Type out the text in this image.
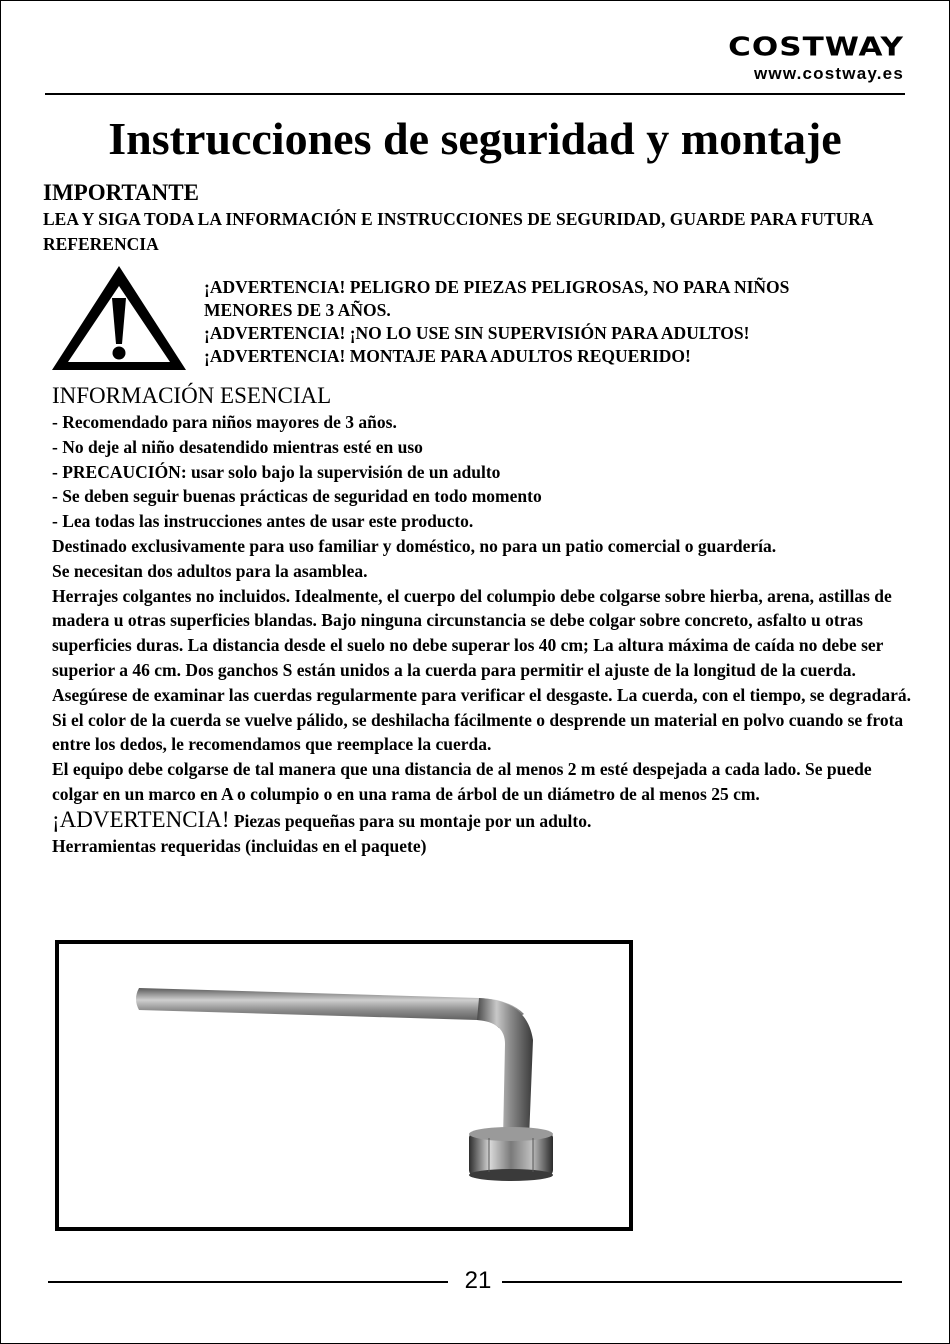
COSTWAY
www.costway.es
Instrucciones de seguridad y montaje
IMPORTANTE

LEA Y SIGA TODA LA INFORMACIÓN E INSTRUCCIONES DE SEGURIDAD, GUARDE PARA FUTURA REFERENCIA

¡ADVERTENCIA! PELIGRO DE PIEZAS PELIGROSAS, NO PARA NIÑOS
MENORES DE 3 AÑOS.
¡ADVERTENCIA! ¡NO LO USE SIN SUPERVISIÓN PARA ADULTOS!
¡ADVERTENCIA! MONTAJE PARA ADULTOS REQUERIDO!
INFORMACIÓN ESENCIAL

- Recomendado para niños mayores de 3 años.

- No deje al niño desatendido mientras esté en uso

- PRECAUCIÓN: usar solo bajo la supervisión de un adulto

- Se deben seguir buenas prácticas de seguridad en todo momento

- Lea todas las instrucciones antes de usar este producto.

Destinado exclusivamente para uso familiar y doméstico, no para un patio comercial o guardería.

Se necesitan dos adultos para la asamblea.

Herrajes colgantes no incluidos. Idealmente, el cuerpo del columpio debe colgarse sobre hierba, arena, astillas de madera u otras superficies blandas. Bajo ninguna circunstancia se debe colgar sobre concreto, asfalto u otras superficies duras. La distancia desde el suelo no debe superar los 40 cm; La altura máxima de caída no debe ser superior a 46 cm. Dos ganchos S están unidos a la cuerda para permitir el ajuste de la longitud de la cuerda.

Asegúrese de examinar las cuerdas regularmente para verificar el desgaste. La cuerda, con el tiempo, se degradará. Si el color de la cuerda se vuelve pálido, se deshilacha fácilmente o desprende un material en polvo cuando se frota entre los dedos, le recomendamos que reemplace la cuerda.

El equipo debe colgarse de tal manera que una distancia de al menos 2 m esté despejada a cada lado. Se puede colgar en un marco en A o columpio o en una rama de árbol de un diámetro de al menos 25 cm.

¡ADVERTENCIA! Piezas pequeñas para su montaje por un adulto.

Herramientas requeridas (incluidas en el paquete)

21
